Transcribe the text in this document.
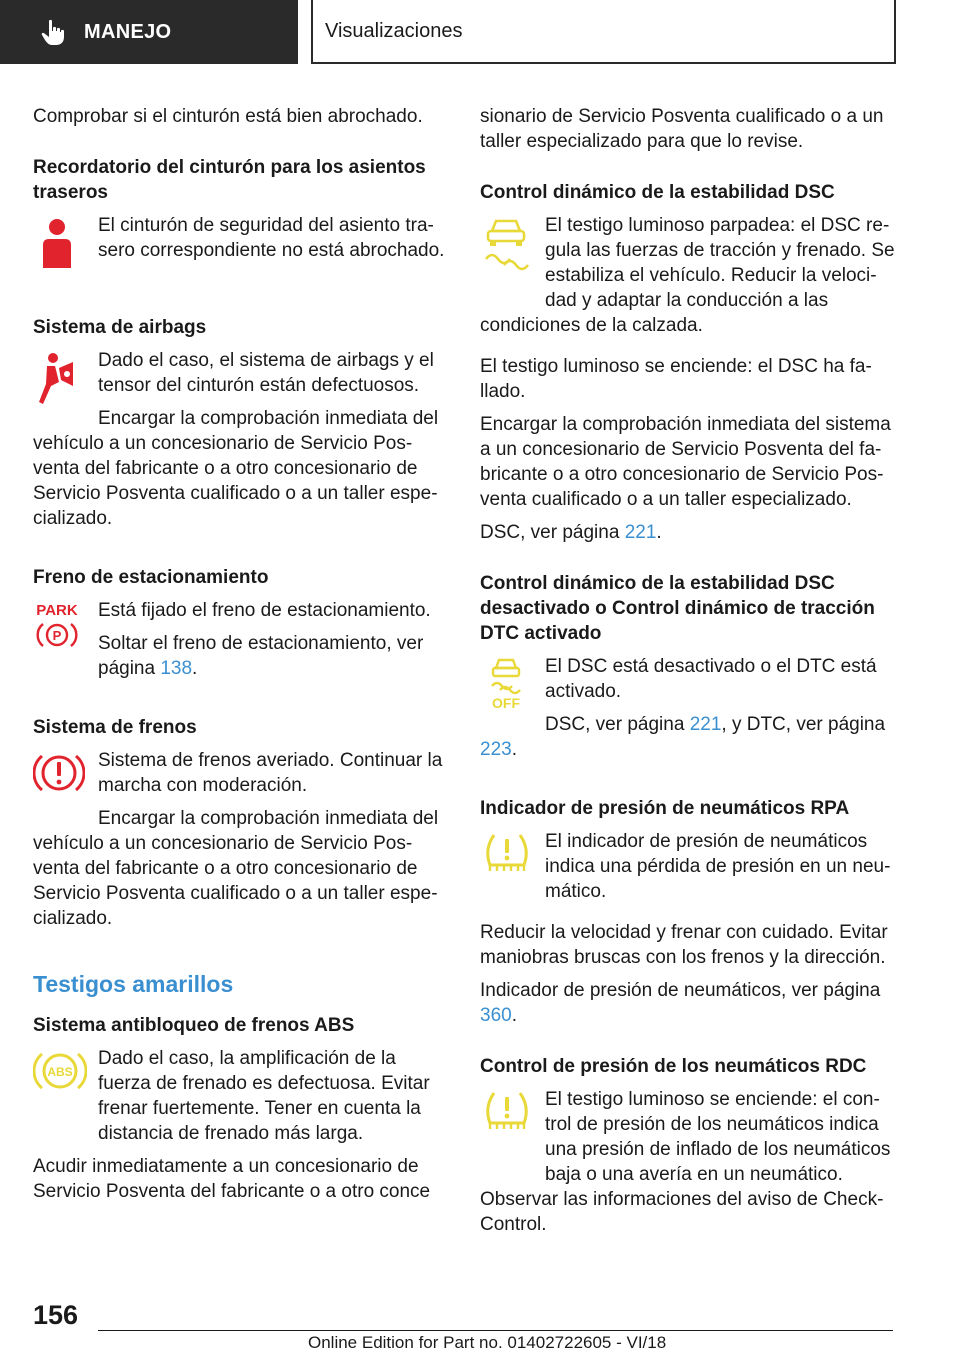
MANEJO	Visualizaciones

Comprobar si el cinturón está bien abrochado.

Recordatorio del cinturón para los asientos traseros

El cinturón de seguridad del asiento trasero correspondiente no está abrochado.

Sistema de airbags

Dado el caso, el sistema de airbags y el tensor del cinturón están defectuosos.

Encargar la comprobación inmediata del vehículo a un concesionario de Servicio Posventa del fabricante o a otro concesionario de Servicio Posventa cualificado o a un taller especializado.

Freno de estacionamiento
PARK
P

Está fijado el freno de estacionamiento.

Soltar el freno de estacionamiento, ver página 138.

Sistema de frenos

Sistema de frenos averiado. Continuar la marcha con moderación.

Encargar la comprobación inmediata del vehículo a un concesionario de Servicio Posventa del fabricante o a otro concesionario de Servicio Posventa cualificado o a un taller especializado.

Testigos amarillos
Sistema antibloqueo de frenos ABS
ABS

Dado el caso, la amplificación de la fuerza de frenado es defectuosa. Evitar frenar fuertemente. Tener en cuenta la distancia de frenado más larga.

Acudir inmediatamente a un concesionario de Servicio Posventa del fabricante o a otro conce

sionario de Servicio Posventa cualificado o a un taller especializado para que lo revise.

Control dinámico de la estabilidad DSC

El testigo luminoso parpadea: el DSC regula las fuerzas de tracción y frenado. Se estabiliza el vehículo. Reducir la velocidad y adaptar la conducción a las condiciones de la calzada.

El testigo luminoso se enciende: el DSC ha fallado.

Encargar la comprobación inmediata del sistema a un concesionario de Servicio Posventa del fabricante o a otro concesionario de Servicio Posventa cualificado o a un taller especializado.

DSC, ver página 221.

Control dinámico de la estabilidad DSC desactivado o Control dinámico de tracción DTC activado
OFF

El DSC está desactivado o el DTC está activado.

DSC, ver página 221, y DTC, ver página 223.

Indicador de presión de neumáticos RPA

El indicador de presión de neumáticos indica una pérdida de presión en un neumático.

Reducir la velocidad y frenar con cuidado. Evitar maniobras bruscas con los frenos y la dirección.

Indicador de presión de neumáticos, ver página 360.

Control de presión de los neumáticos RDC

El testigo luminoso se enciende: el control de presión de los neumáticos indica una presión de inflado de los neumáticos baja o una avería en un neumático. Observar las informaciones del aviso de Check-Control.

156
Online Edition for Part no. 01402722605 - VI/18
